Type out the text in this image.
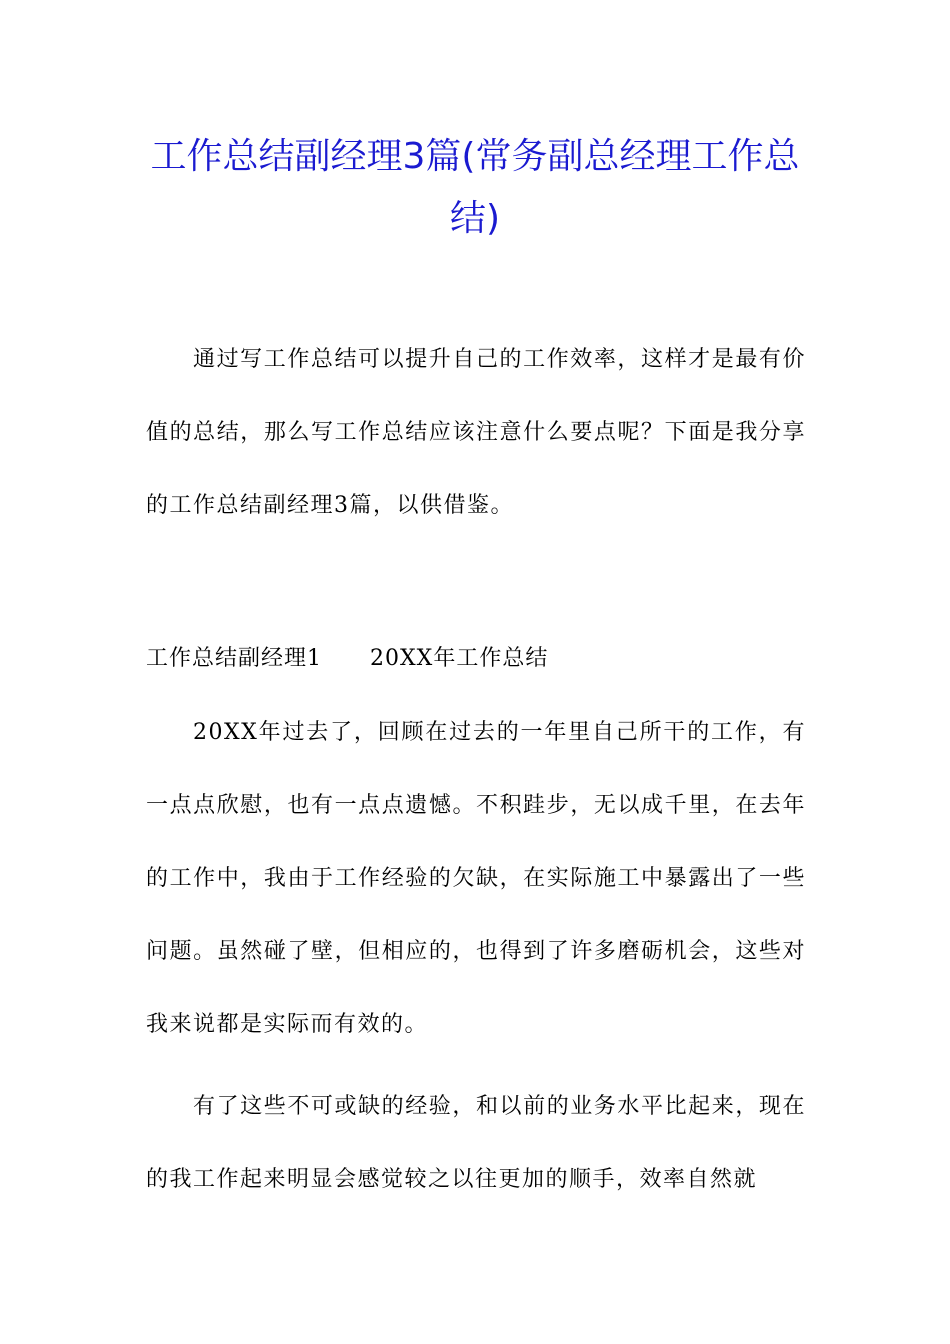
工作总结副经理3篇(常务副总经理工作总结)

通过写工作总结可以提升自己的工作效率，这样才是最有价值的总结，那么写工作总结应该注意什么要点呢？下面是我分享的工作总结副经理3篇，以供借鉴。

工作总结副经理1 20XX年工作总结

20XX年过去了，回顾在过去的一年里自己所干的工作，有一点点欣慰，也有一点点遗憾。不积跬步，无以成千里，在去年的工作中，我由于工作经验的欠缺，在实际施工中暴露出了一些问题。虽然碰了壁，但相应的，也得到了许多磨砺机会，这些对我来说都是实际而有效的。

有了这些不可或缺的经验，和以前的业务水平比起来，现在的我工作起来明显会感觉较之以往更加的顺手，效率自然就
